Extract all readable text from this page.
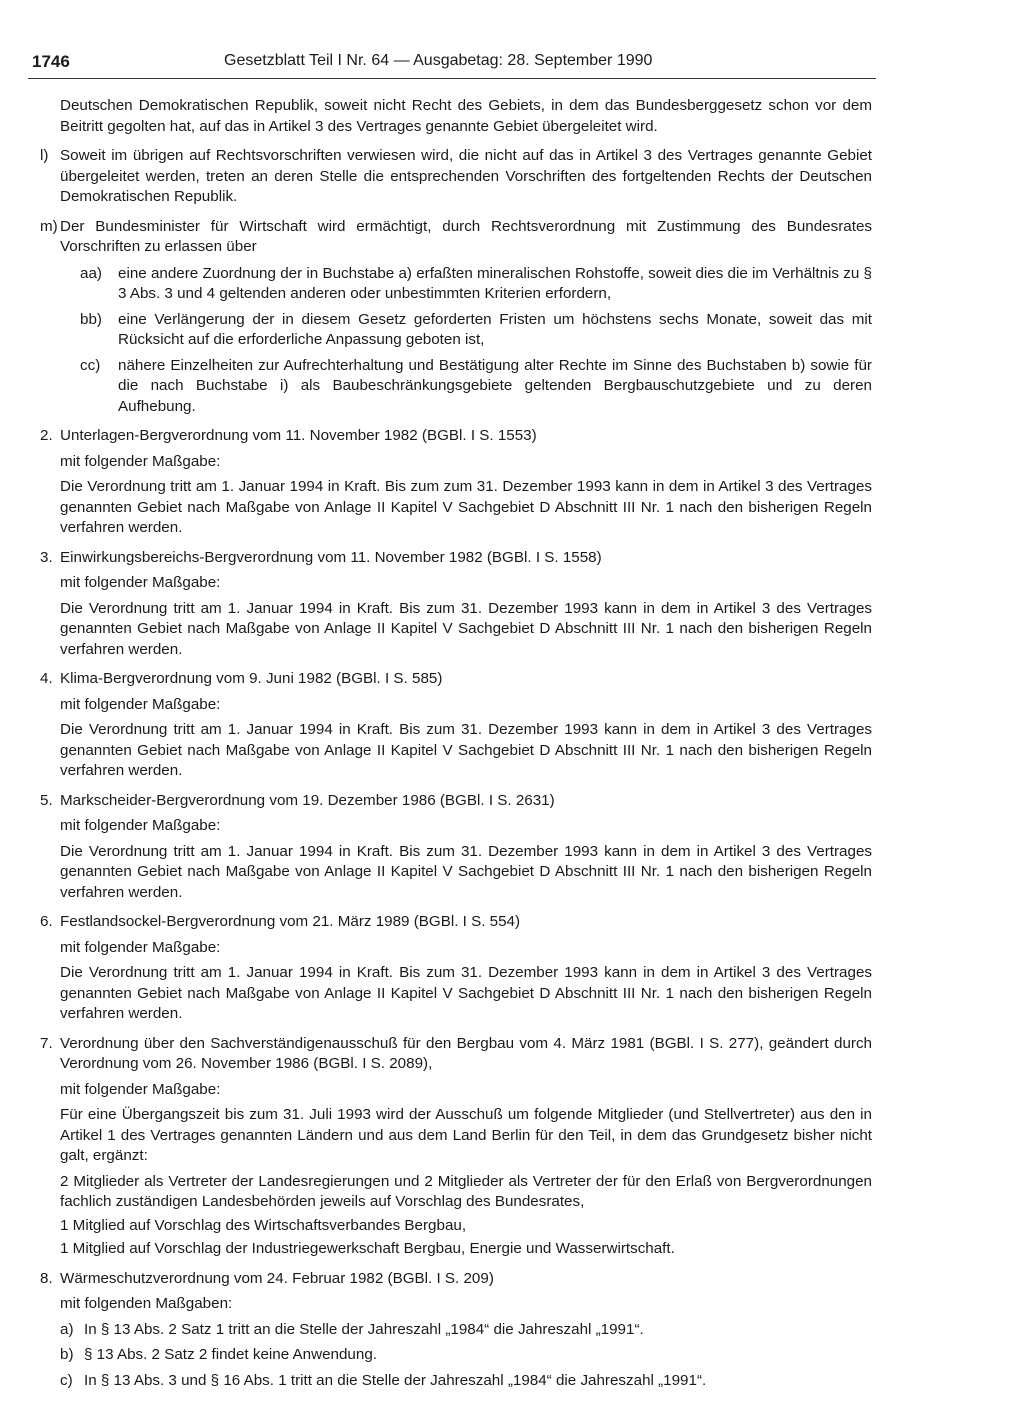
1746	Gesetzblatt Teil I Nr. 64 — Ausgabetag: 28. September 1990

Deutschen Demokratischen Republik, soweit nicht Recht des Gebiets, in dem das Bundesberggesetz schon vor dem Beitritt gegolten hat, auf das in Artikel 3 des Vertrages genannte Gebiet übergeleitet wird.

l) Soweit im übrigen auf Rechtsvorschriften verwiesen wird, die nicht auf das in Artikel 3 des Vertrages genannte Gebiet übergeleitet werden, treten an deren Stelle die entsprechenden Vorschriften des fortgeltenden Rechts der Deutschen Demokratischen Republik.
m) Der Bundesminister für Wirtschaft wird ermächtigt, durch Rechtsverordnung mit Zustimmung des Bundesrates Vorschriften zu erlassen über
aa)	eine andere Zuordnung der in Buchstabe a) erfaßten mineralischen Rohstoffe, soweit dies die im Verhältnis zu § 3 Abs. 3 und 4 geltenden anderen oder unbestimmten Kriterien erfordern,
bb)	eine Verlängerung der in diesem Gesetz geforderten Fristen um höchstens sechs Monate, soweit das mit Rücksicht auf die erforderliche Anpassung geboten ist,
cc)	nähere Einzelheiten zur Aufrechterhaltung und Bestätigung alter Rechte im Sinne des Buchstaben b) sowie für die nach Buchstabe i) als Baubeschränkungsgebiete geltenden Bergbauschutzgebiete und zu deren Aufhebung.
2. Unterlagen-Bergverordnung vom 11. November 1982 (BGBl. I S. 1553)

mit folgender Maßgabe:

Die Verordnung tritt am 1. Januar 1994 in Kraft. Bis zum zum 31. Dezember 1993 kann in dem in Artikel 3 des Vertrages genannten Gebiet nach Maßgabe von Anlage II Kapitel V Sachgebiet D Abschnitt III Nr. 1 nach den bisherigen Regeln verfahren werden.

3. Einwirkungsbereichs-Bergverordnung vom 11. November 1982 (BGBl. I S. 1558)

mit folgender Maßgabe:

Die Verordnung tritt am 1. Januar 1994 in Kraft. Bis zum 31. Dezember 1993 kann in dem in Artikel 3 des Vertrages genannten Gebiet nach Maßgabe von Anlage II Kapitel V Sachgebiet D Abschnitt III Nr. 1 nach den bisherigen Regeln verfahren werden.

4. Klima-Bergverordnung vom 9. Juni 1982 (BGBl. I S. 585)

mit folgender Maßgabe:

Die Verordnung tritt am 1. Januar 1994 in Kraft. Bis zum 31. Dezember 1993 kann in dem in Artikel 3 des Vertrages genannten Gebiet nach Maßgabe von Anlage II Kapitel V Sachgebiet D Abschnitt III Nr. 1 nach den bisherigen Regeln verfahren werden.

5. Markscheider-Bergverordnung vom 19. Dezember 1986 (BGBl. I S. 2631)

mit folgender Maßgabe:

Die Verordnung tritt am 1. Januar 1994 in Kraft. Bis zum 31. Dezember 1993 kann in dem in Artikel 3 des Vertrages genannten Gebiet nach Maßgabe von Anlage II Kapitel V Sachgebiet D Abschnitt III Nr. 1 nach den bisherigen Regeln verfahren werden.

6. Festlandsockel-Bergverordnung vom 21. März 1989 (BGBl. I S. 554)

mit folgender Maßgabe:

Die Verordnung tritt am 1. Januar 1994 in Kraft. Bis zum 31. Dezember 1993 kann in dem in Artikel 3 des Vertrages genannten Gebiet nach Maßgabe von Anlage II Kapitel V Sachgebiet D Abschnitt III Nr. 1 nach den bisherigen Regeln verfahren werden.

7. Verordnung über den Sachverständigenausschuß für den Bergbau vom 4. März 1981 (BGBl. I S. 277), geändert durch Verordnung vom 26. November 1986 (BGBl. I S. 2089),

mit folgender Maßgabe:

Für eine Übergangszeit bis zum 31. Juli 1993 wird der Ausschuß um folgende Mitglieder (und Stellvertreter) aus den in Artikel 1 des Vertrages genannten Ländern und aus dem Land Berlin für den Teil, in dem das Grundgesetz bisher nicht galt, ergänzt:

2 Mitglieder als Vertreter der Landesregierungen und 2 Mitglieder als Vertreter der für den Erlaß von Bergverordnungen fachlich zuständigen Landesbehörden jeweils auf Vorschlag des Bundesrates,

1 Mitglied auf Vorschlag des Wirtschaftsverbandes Bergbau,

1 Mitglied auf Vorschlag der Industriegewerkschaft Bergbau, Energie und Wasserwirtschaft.

8. Wärmeschutzverordnung vom 24. Februar 1982 (BGBl. I S. 209)

mit folgenden Maßgaben:

a) In § 13 Abs. 2 Satz 1 tritt an die Stelle der Jahreszahl „1984“ die Jahreszahl „1991“.
b) § 13 Abs. 2 Satz 2 findet keine Anwendung.
c) In § 13 Abs. 3 und § 16 Abs. 1 tritt an die Stelle der Jahreszahl „1984“ die Jahreszahl „1991“.
